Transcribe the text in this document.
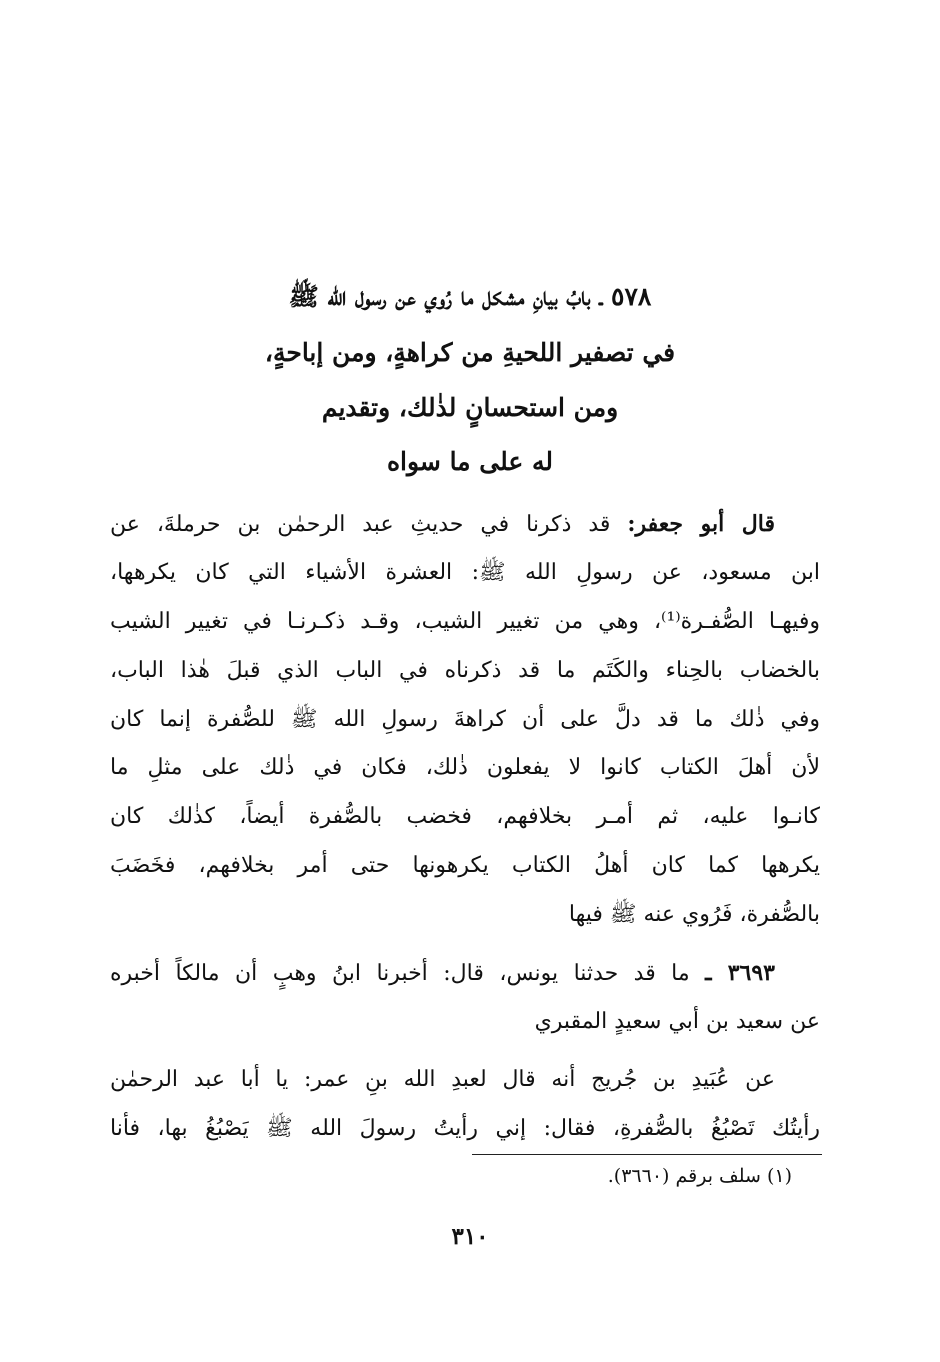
٥٧٨ ـ بابُ بيانِ مشكل ما رُوي عن رسول الله ﷺ
في تصفير اللحيةِ من كراهةٍ، ومن إباحةٍ،
ومن استحسانٍ لذٰلك، وتقديم
له على ما سواه
قال أبو جعفر: قد ذكرنا في حديثِ عبد الرحمٰن بن حرملةَ، عن
ابن مسعود، عن رسولِ الله ﷺ: العشرة الأشياء التي كان يكرهها،
وفيهـا الصُّفـرة⁽¹⁾، وهي من تغيير الشيب، وقـد ذكـرنـا في تغيير الشيب
بالخضاب بالحِناء والكَتَم ما قد ذكرناه في الباب الذي قبلَ هٰذا الباب،
وفي ذٰلك ما قد دلَّ على أن كراهةَ رسولِ الله ﷺ للصُّفرة إنما كان
لأن أهلَ الكتاب كانوا لا يفعلون ذٰلك، فكان في ذٰلك على مثلِ ما
كانـوا عليه، ثم أمـر بخلافهم، فخضب بالصُّفرة أيضاً، كذٰلك كان
يكرهها كما كان أهلُ الكتاب يكرهونها حتى أمر بخلافهم، فخَضَبَ
بالصُّفرة، فَرُوي عنه ﷺ فيها
٣٦٩٣ ـ ما قد حدثنا يونس، قال: أخبرنا ابنُ وهبٍ أن مالكاً أخبره
عن سعيد بن أبي سعيدٍ المقبري
عن عُبَيدِ بن جُريج أنه قال لعبدِ الله بنِ عمر: يا أبا عبد الرحمٰن
رأيتُك تَصْبُغُ بالصُّفرةِ، فقال: إني رأيتُ رسولَ الله ﷺ يَصْبُغُ بها، فأنا
(١) سلف برقم (٣٦٦٠).
٣١٠
